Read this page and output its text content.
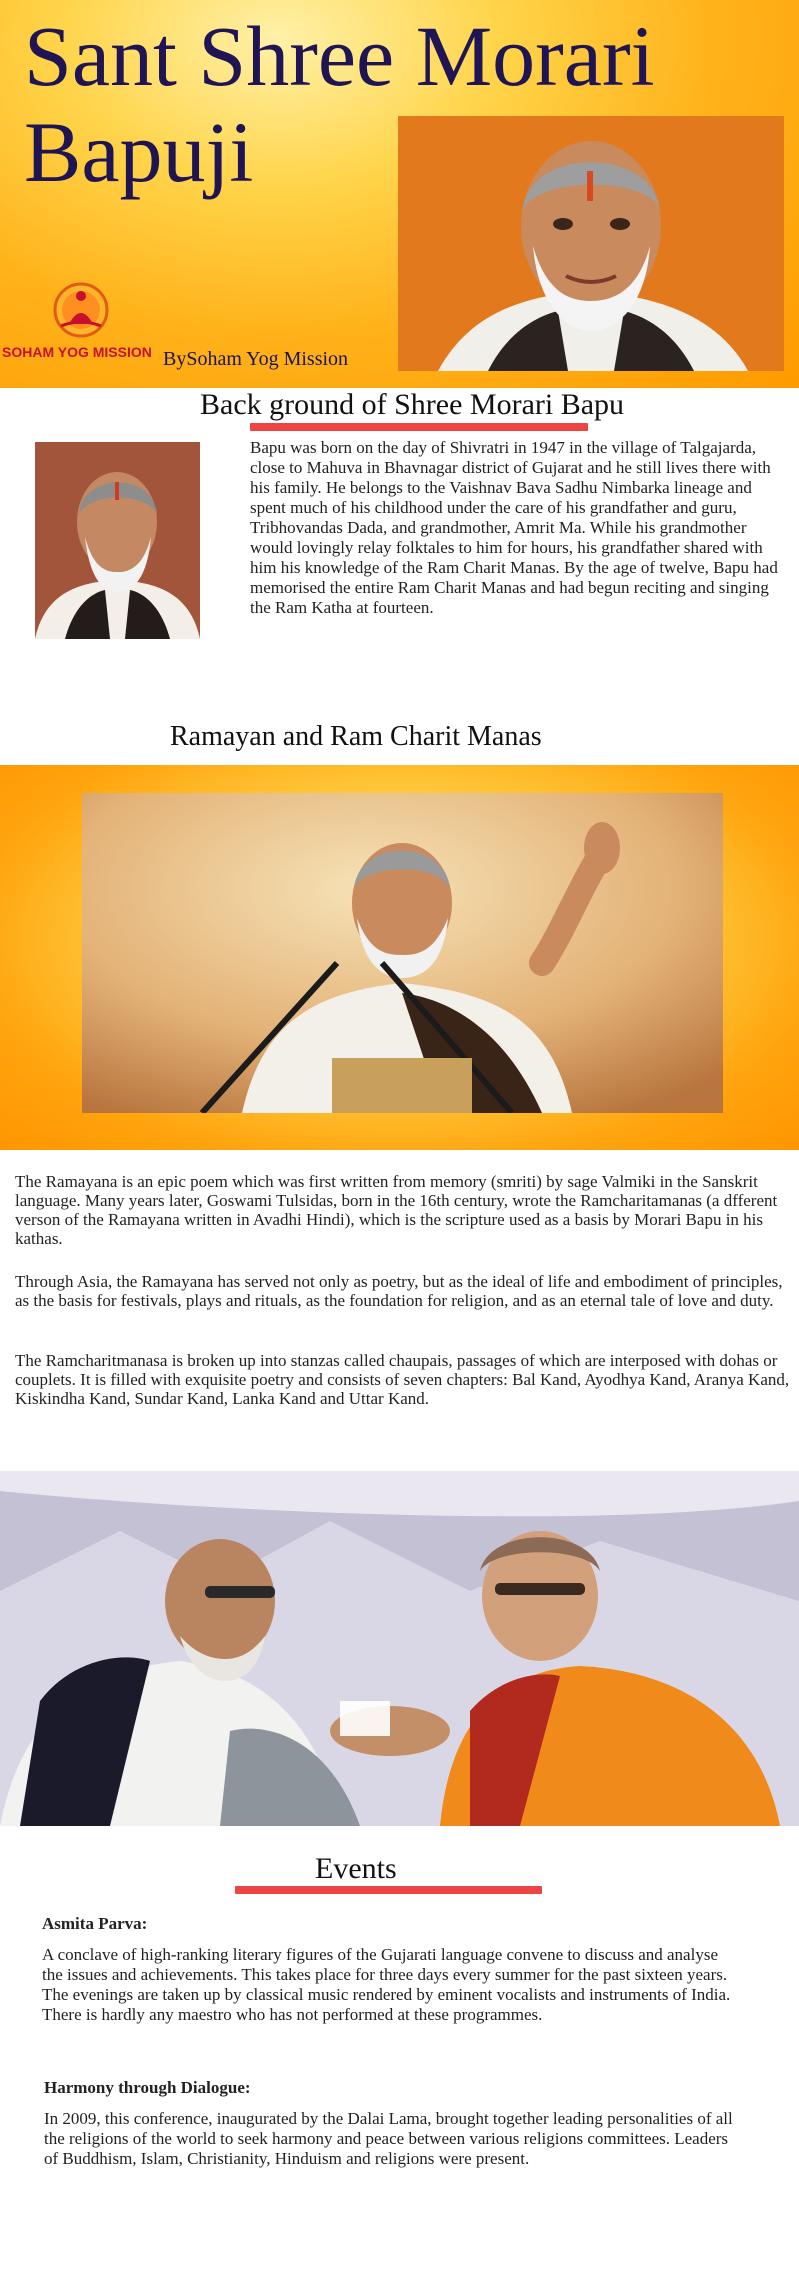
Sant Shree Morari Bapuji
SOHAM YOG MISSION BySoham Yog Mission
Back ground of Shree Morari Bapu

Bapu was born on the day of Shivratri in 1947 in the village of Talgajarda, close to Mahuva in Bhavnagar district of Gujarat and he still lives there with his family. He belongs to the Vaishnav Bava Sadhu Nimbarka lineage and spent much of his childhood under the care of his grandfather and guru, Tribhovandas Dada, and grandmother, Amrit Ma. While his grandmother would lovingly relay folktales to him for hours, his grandfather shared with him his knowledge of the Ram Charit Manas. By the age of twelve, Bapu had memorised the entire Ram Charit Manas and had begun reciting and singing the Ram Katha at fourteen.

Ramayan and Ram Charit Manas

The Ramayana is an epic poem which was first written from memory (smriti) by sage Valmiki in the Sanskrit language. Many years later, Goswami Tulsidas, born in the 16th century, wrote the Ramcharitamanas (a dfferent verson of the Ramayana written in Avadhi Hindi), which is the scripture used as a basis by Morari Bapu in his kathas.

Through Asia, the Ramayana has served not only as poetry, but as the ideal of life and embodiment of principles, as the basis for festivals, plays and rituals, as the foundation for religion, and as an eternal tale of love and duty.

The Ramcharitmanasa is broken up into stanzas called chaupais, passages of which are interposed with dohas or couplets. It is filled with exquisite poetry and consists of seven chapters: Bal Kand, Ayodhya Kand, Aranya Kand, Kiskindha Kand, Sundar Kand, Lanka Kand and Uttar Kand.

Events

Asmita Parva:

A conclave of high-ranking literary figures of the Gujarati language convene to discuss and analyse the issues and achievements. This takes place for three days every summer for the past sixteen years. The evenings are taken up by classical music rendered by eminent vocalists and instruments of India. There is hardly any maestro who has not performed at these programmes.

Harmony through Dialogue:

In 2009, this conference, inaugurated by the Dalai Lama, brought together leading personalities of all the religions of the world to seek harmony and peace between various religions committees. Leaders of Buddhism, Islam, Christianity, Hinduism and religions were present.
